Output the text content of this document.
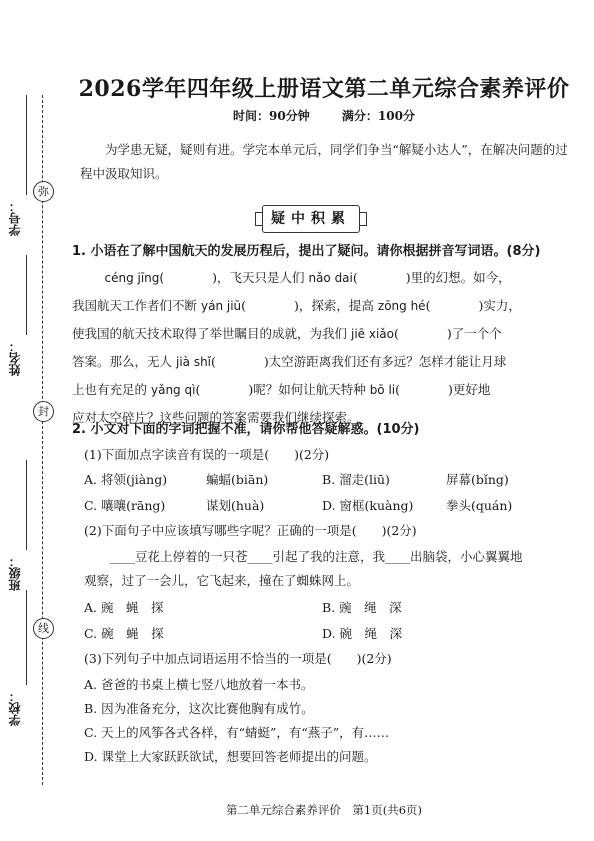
弥
封
线
学号：
姓名：
班级：
学校：
2026学年四年级上册语文第二单元综合素养评价
时间：90分钟	满分：100分
为学患无疑，疑则有进。学完本单元后，同学们争当“解疑小达人”，在解决问题的过程中汲取知识。
疑中积累
1. 小语在了解中国航天的发展历程后，提出了疑问。请你根据拼音写词语。(8分)
céng jīng(	)，飞天只是人们 nǎo dai(	)里的幻想。如今，
我国航天工作者们不断 yán jiū(	)，探索，提高 zōng hé(	)实力，
使我国的航天技术取得了举世瞩目的成就，为我们 jiē xiǎo(	)了一个个
答案。那么，无人 jià shǐ(	)太空游距离我们还有多远？怎样才能让月球
上也有充足的 yǎng qì(	)呢？如何让航天特种 bō li(	)更好地
应对太空碎片？这些问题的答案需要我们继续探索。
2. 小文对下面的字词把握不准，请你帮他答疑解惑。(10分)
(1)下面加点字读音有误的一项是(　　)(2分)
A. 将领(jiàng)	蝙蝠(biān)	B. 溜走(liū)	屏幕(bǐng)
C. 嚷嚷(rāng)	谋划(huà)	D. 窗框(kuàng)	拳头(quán)
(2)下面句子中应该填写哪些字呢？正确的一项是(　　)(2分)
____豆花上停着的一只苍____引起了我的注意，我____出脑袋，小心翼翼地
观察，过了一会儿，它飞起来，撞在了蜘蛛网上。
A. 豌　蝇　探	B. 豌　绳　深
C. 碗　蝇　探	D. 碗　绳　深
(3)下列句子中加点词语运用不恰当的一项是(　　)(2分)
A. 爸爸的书桌上横七竖八地放着一本书。
B. 因为准备充分，这次比赛他胸有成竹。
C. 天上的风筝各式各样，有“蜻蜓”，有“燕子”，有……
D. 课堂上大家跃跃欲试，想要回答老师提出的问题。
第二单元综合素养评价　第1页(共6页)
